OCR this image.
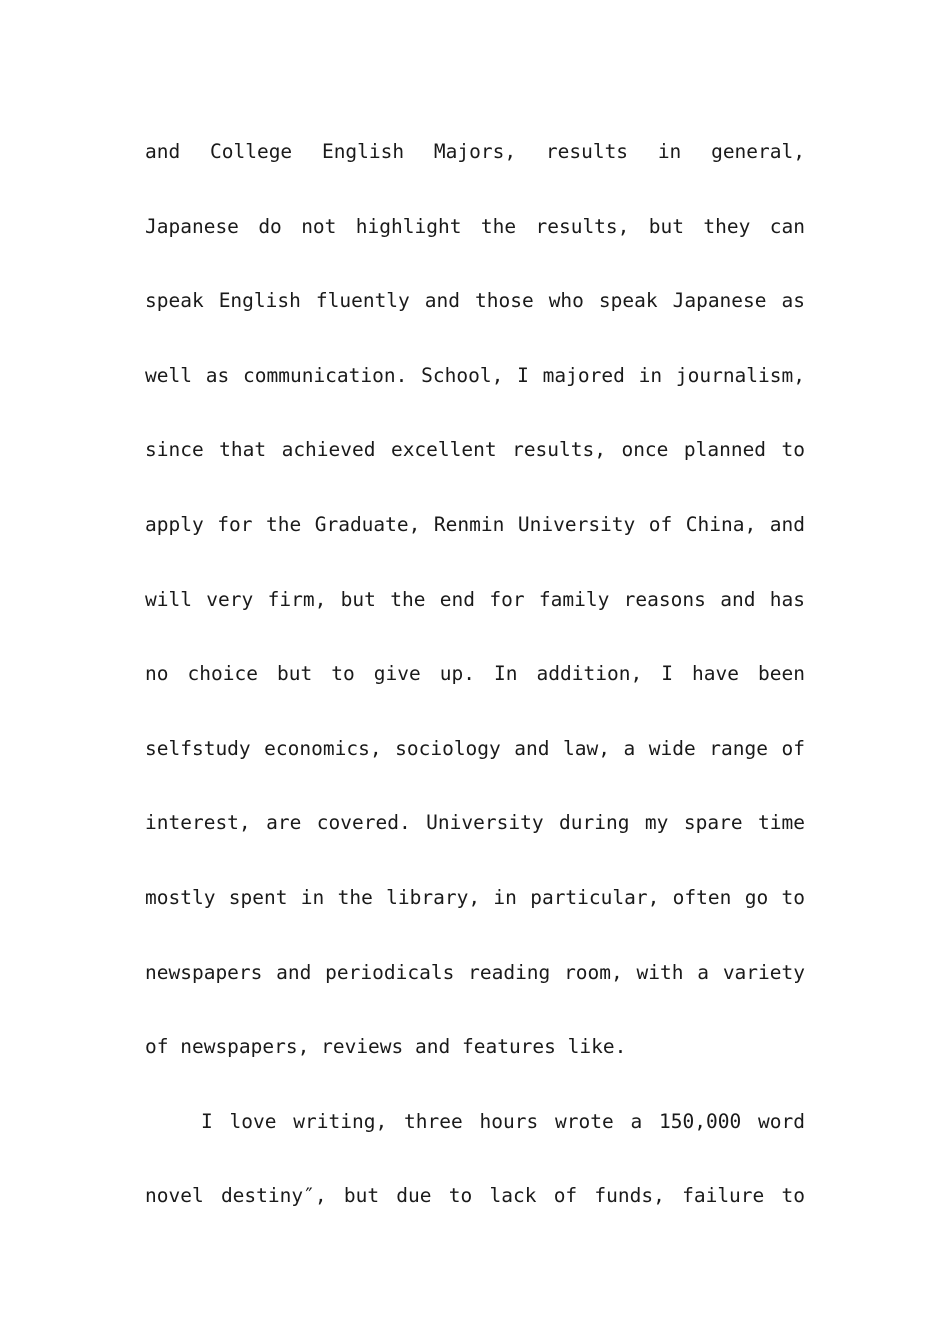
and College English Majors, results in general,
Japanese do not highlight the results, but they can
speak English fluently and those who speak Japanese as
well as communication. School, I majored in journalism,
since that achieved excellent results, once planned to
apply for the Graduate, Renmin University of China, and
will very firm, but the end for family reasons and has
no choice but to give up. In addition, I have been
selfstudy economics, sociology and law, a wide range of
interest, are covered. University during my spare time
mostly spent in the library, in particular, often go to
newspapers and periodicals reading room, with a variety
of newspapers, reviews and features like.
I love writing, three hours wrote a 150,000 word
novel destiny″, but due to lack of funds, failure to
